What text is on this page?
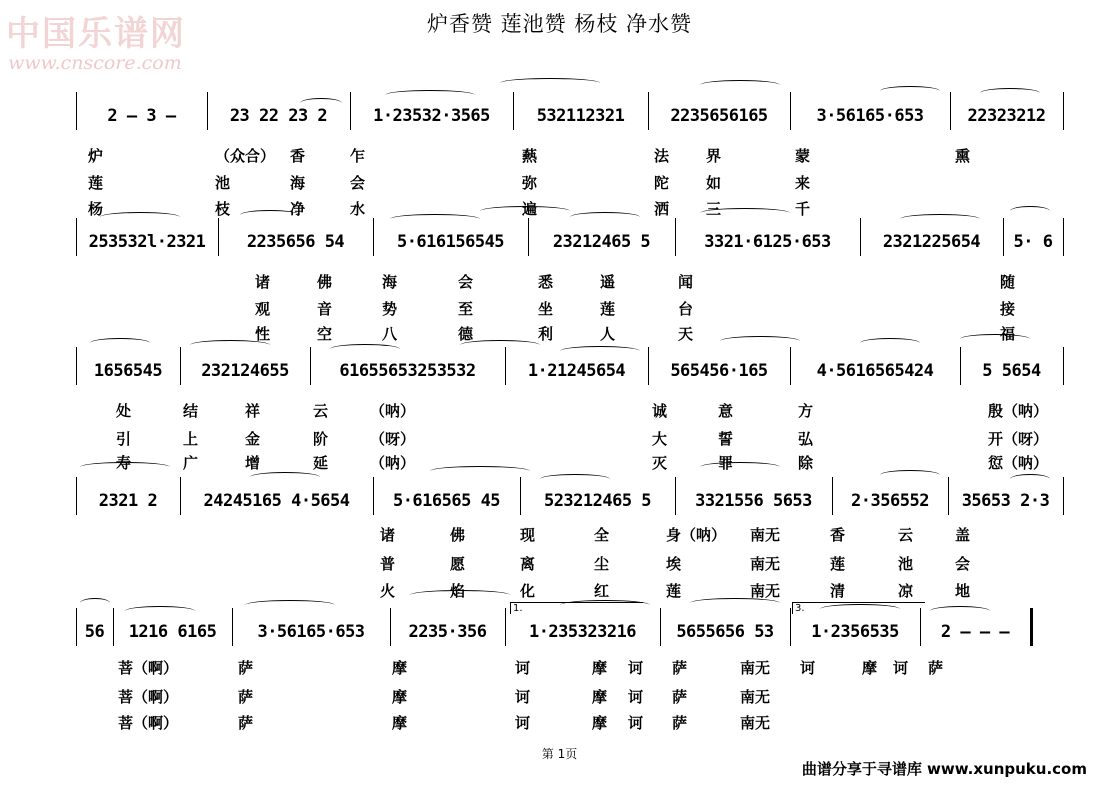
中国乐谱网
www.cnscore.com
炉香赞 莲池赞 杨枝 净水赞
2 – 3 –	23 22 23 2	1·23532·3565	532112321	2235656165	3·56165·653	22323212
炉	（众合） 香	乍	爇	法 界	蒙	熏
莲	池	海	会	弥	陀 如	来
杨	枝	净	水	遍	洒 三	千
253532l·2321	2235656 54	5·616156545	23212465 5	3321·6125·653	2321225654	5· 6
诸	佛	海	会	悉	遥	闻	随
观	音	势	至	坐	莲	台	接
性	空	八	德	利	人	天	福
1656545	232124655	61655653253532	1·21245654	565456·165	4·5616565424	5 5654
处	结	祥	云	（呐）	诚	意	方	殷（呐）
引	上	金	阶	（呀）	大	誓	弘	开（呀）
寿	广	增	延	（呐）	灭	罪	除	愆（呐）
2321 2	24245165 4·5654	5·616565 45	523212465 5	3321556 5653	2·356552	35653 2·3
诸	佛	现	全	身（呐） 南无	香	云	盖
普	愿	离	尘	埃	南无	莲	池	会
火	焰	化	红	莲	南无	清	凉	地
56	1216 6165	3·56165·653	2235·356	1·235323216	5655656 53	1·2356535	2 – – –
1.	3.
菩（啊）	萨	摩	诃	摩 诃 萨	南无 诃	摩 诃 萨
菩（啊）	萨	摩	诃	摩 诃 萨	南无
菩（啊）	萨	摩	诃	摩 诃 萨	南无
第 1页
曲谱分享于寻谱库 www.xunpuku.com
